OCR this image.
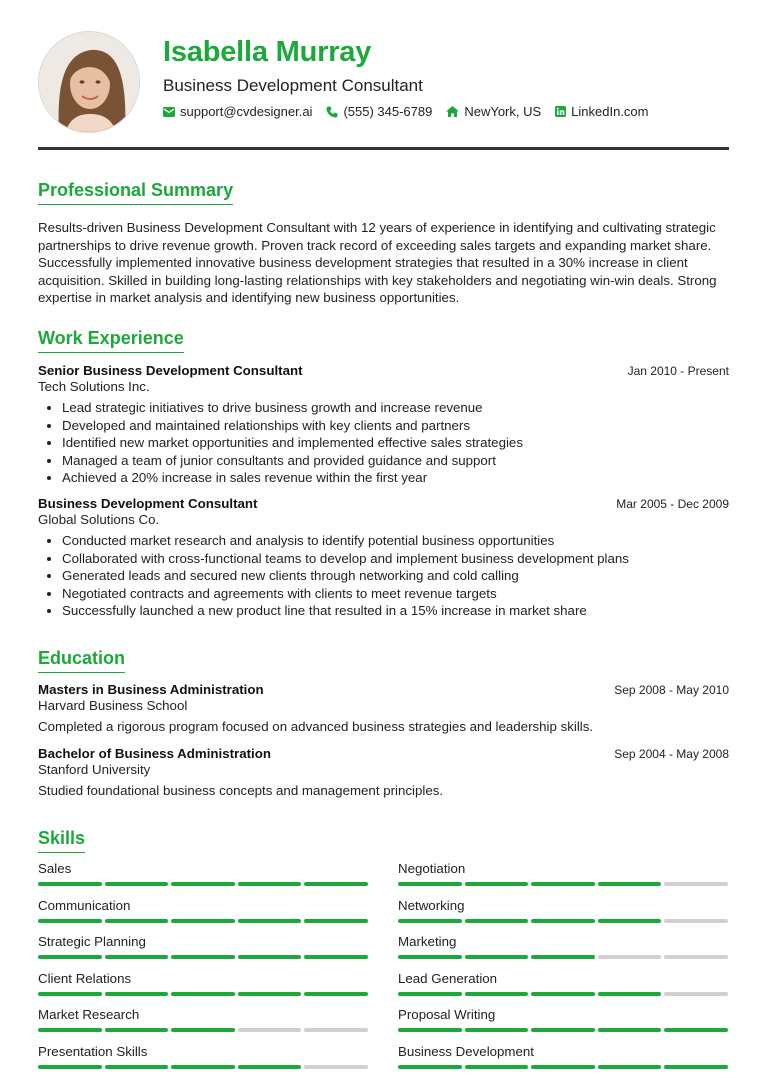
Isabella Murray
Business Development Consultant
support@cvdesigner.ai (555) 345-6789 NewYork, US LinkedIn.com
Professional Summary

Results-driven Business Development Consultant with 12 years of experience in identifying and cultivating strategic partnerships to drive revenue growth. Proven track record of exceeding sales targets and expanding market share. Successfully implemented innovative business development strategies that resulted in a 30% increase in client acquisition. Skilled in building long-lasting relationships with key stakeholders and negotiating win-win deals. Strong expertise in market analysis and identifying new business opportunities.

Work Experience
Senior Business Development Consultant	Jan 2010 - Present
Tech Solutions Inc.
Lead strategic initiatives to drive business growth and increase revenue
Developed and maintained relationships with key clients and partners
Identified new market opportunities and implemented effective sales strategies
Managed a team of junior consultants and provided guidance and support
Achieved a 20% increase in sales revenue within the first year
Business Development Consultant	Mar 2005 - Dec 2009
Global Solutions Co.
Conducted market research and analysis to identify potential business opportunities
Collaborated with cross-functional teams to develop and implement business development plans
Generated leads and secured new clients through networking and cold calling
Negotiated contracts and agreements with clients to meet revenue targets
Successfully launched a new product line that resulted in a 15% increase in market share
Education
Masters in Business Administration	Sep 2008 - May 2010
Harvard Business School

Completed a rigorous program focused on advanced business strategies and leadership skills.

Bachelor of Business Administration	Sep 2004 - May 2008
Stanford University

Studied foundational business concepts and management principles.

Skills
Sales	Negotiation
Communication	Networking
Strategic Planning	Marketing
Client Relations	Lead Generation
Market Research	Proposal Writing
Presentation Skills	Business Development
